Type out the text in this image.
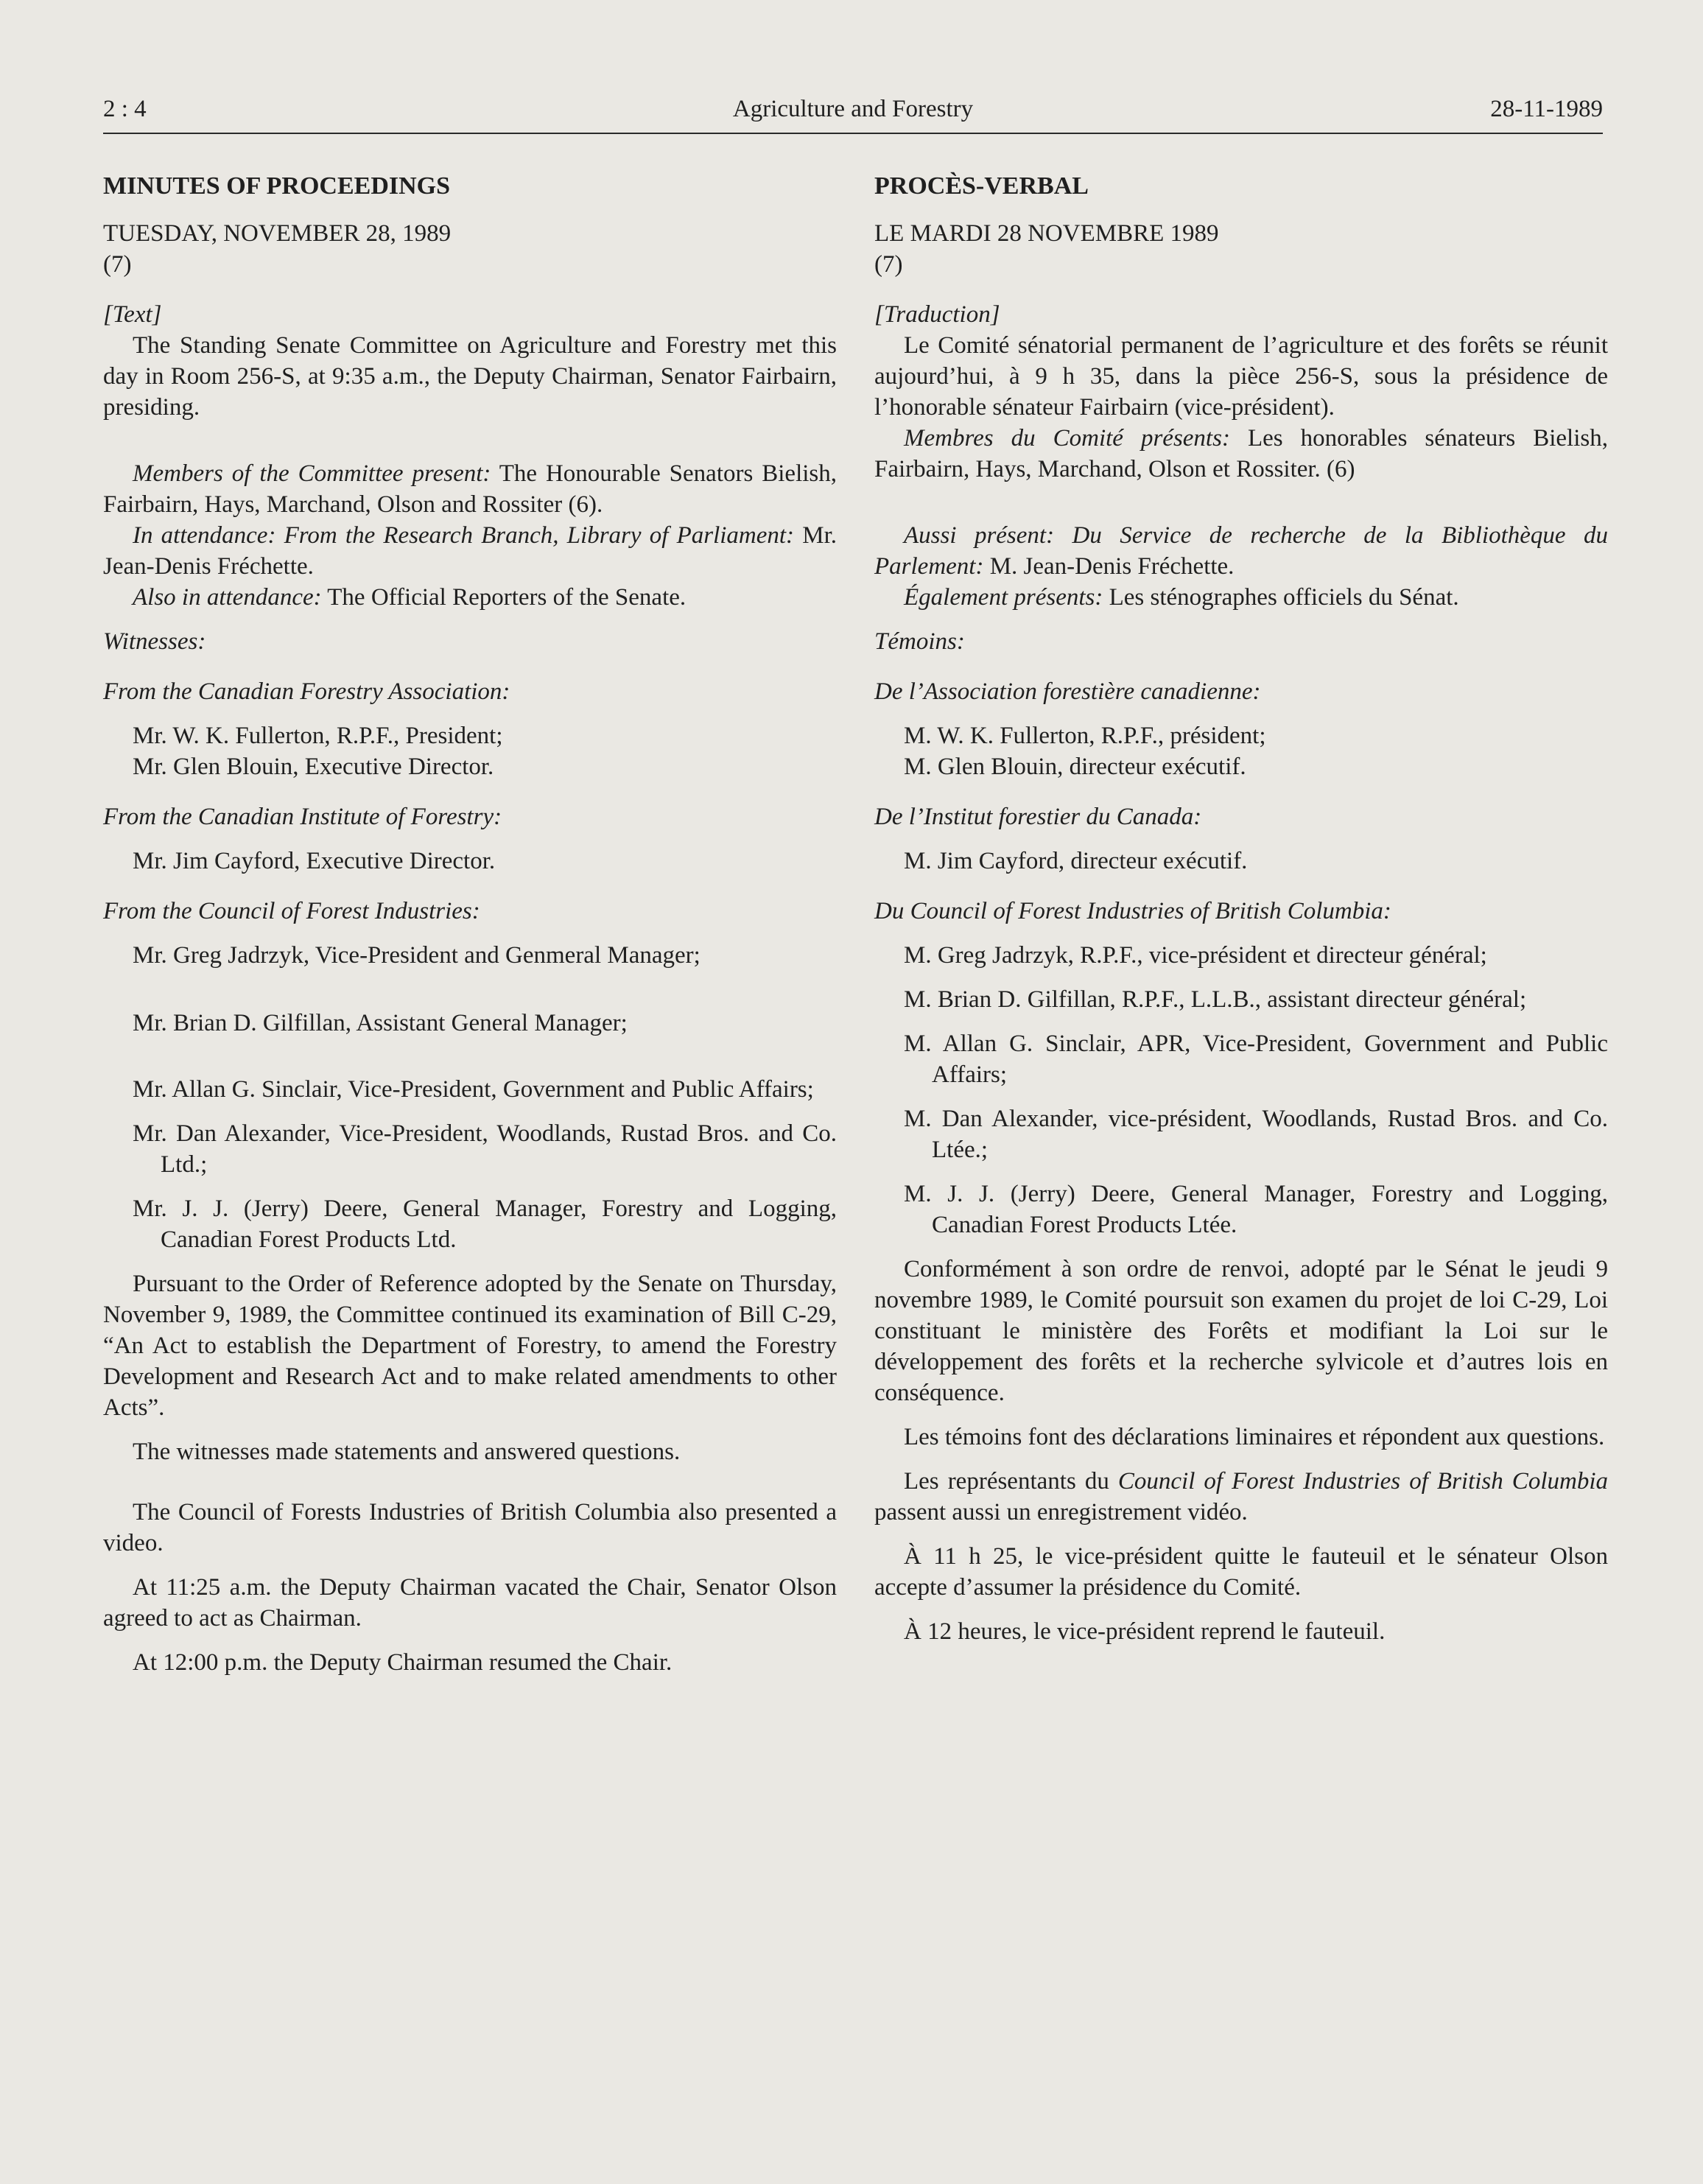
2 : 4	Agriculture and Forestry	28-11-1989

MINUTES OF PROCEEDINGS

TUESDAY, NOVEMBER 28, 1989

(7)

[Text]

The Standing Senate Committee on Agriculture and Forestry met this day in Room 256-S, at 9:35 a.m., the Deputy Chairman, Senator Fairbairn, presiding.

Members of the Committee present: The Honourable Senators Bielish, Fairbairn, Hays, Marchand, Olson and Rossiter (6).

In attendance: From the Research Branch, Library of Parliament: Mr. Jean-Denis Fréchette.

Also in attendance: The Official Reporters of the Senate.

Witnesses:

From the Canadian Forestry Association:

Mr. W. K. Fullerton, R.P.F., President;

Mr. Glen Blouin, Executive Director.

From the Canadian Institute of Forestry:

Mr. Jim Cayford, Executive Director.

From the Council of Forest Industries:

Mr. Greg Jadrzyk, Vice-President and Genmeral Manager;

Mr. Brian D. Gilfillan, Assistant General Manager;

Mr. Allan G. Sinclair, Vice-President, Government and Public Affairs;

Mr. Dan Alexander, Vice-President, Woodlands, Rustad Bros. and Co. Ltd.;

Mr. J. J. (Jerry) Deere, General Manager, Forestry and Logging, Canadian Forest Products Ltd.

Pursuant to the Order of Reference adopted by the Senate on Thursday, November 9, 1989, the Committee continued its examination of Bill C-29, “An Act to establish the Department of Forestry, to amend the Forestry Development and Research Act and to make related amendments to other Acts”.

The witnesses made statements and answered questions.

The Council of Forests Industries of British Columbia also presented a video.

At 11:25 a.m. the Deputy Chairman vacated the Chair, Senator Olson agreed to act as Chairman.

At 12:00 p.m. the Deputy Chairman resumed the Chair.

PROCÈS-VERBAL

LE MARDI 28 NOVEMBRE 1989

(7)

[Traduction]

Le Comité sénatorial permanent de l’agriculture et des forêts se réunit aujourd’hui, à 9 h 35, dans la pièce 256-S, sous la présidence de l’honorable sénateur Fairbairn (vice-président).

Membres du Comité présents: Les honorables sénateurs Bielish, Fairbairn, Hays, Marchand, Olson et Rossiter. (6)

Aussi présent: Du Service de recherche de la Bibliothèque du Parlement: M. Jean-Denis Fréchette.

Également présents: Les sténographes officiels du Sénat.

Témoins:

De l’Association forestière canadienne:

M. W. K. Fullerton, R.P.F., président;

M. Glen Blouin, directeur exécutif.

De l’Institut forestier du Canada:

M. Jim Cayford, directeur exécutif.

Du Council of Forest Industries of British Columbia:

M. Greg Jadrzyk, R.P.F., vice-président et directeur général;

M. Brian D. Gilfillan, R.P.F., L.L.B., assistant directeur général;

M. Allan G. Sinclair, APR, Vice-President, Government and Public Affairs;

M. Dan Alexander, vice-président, Woodlands, Rustad Bros. and Co. Ltée.;

M. J. J. (Jerry) Deere, General Manager, Forestry and Logging, Canadian Forest Products Ltée.

Conformément à son ordre de renvoi, adopté par le Sénat le jeudi 9 novembre 1989, le Comité poursuit son examen du projet de loi C-29, Loi constituant le ministère des Forêts et modifiant la Loi sur le développement des forêts et la recherche sylvicole et d’autres lois en conséquence.

Les témoins font des déclarations liminaires et répondent aux questions.

Les représentants du Council of Forest Industries of British Columbia passent aussi un enregistrement vidéo.

À 11 h 25, le vice-président quitte le fauteuil et le sénateur Olson accepte d’assumer la présidence du Comité.

À 12 heures, le vice-président reprend le fauteuil.
